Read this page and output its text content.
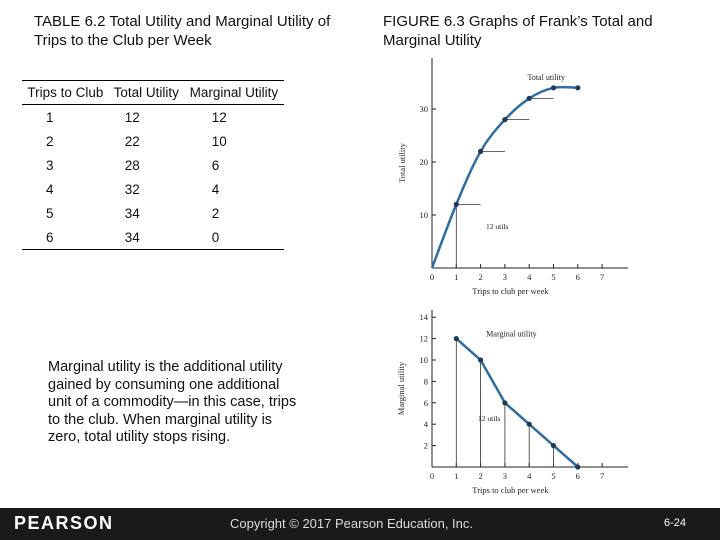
TABLE 6.2 Total Utility and Marginal Utility of Trips to the Club per Week
FIGURE 6.3 Graphs of Frank’s Total and Marginal Utility
Trips to Club	Total Utility	Marginal Utility
1	12	12
2	22	10
3	28	6
4	32	4
5	34	2
6	34	0
Marginal utility is the additional utility gained by consuming one additional unit of a commodity—in this case, trips to the club. When marginal utility is zero, total utility stops rising.
0 1 2 3 4 5 6 7
10
20
30
Trips to club per week
Total utility
Total utility
12 utils
0 1 2 3 4 5 6 7
2
4
6
8
10
12
14
Trips to club per week
Marginal utility
Marginal utility
12 utils
PEARSON	Copyright © 2017 Pearson Education, Inc.	6-24
